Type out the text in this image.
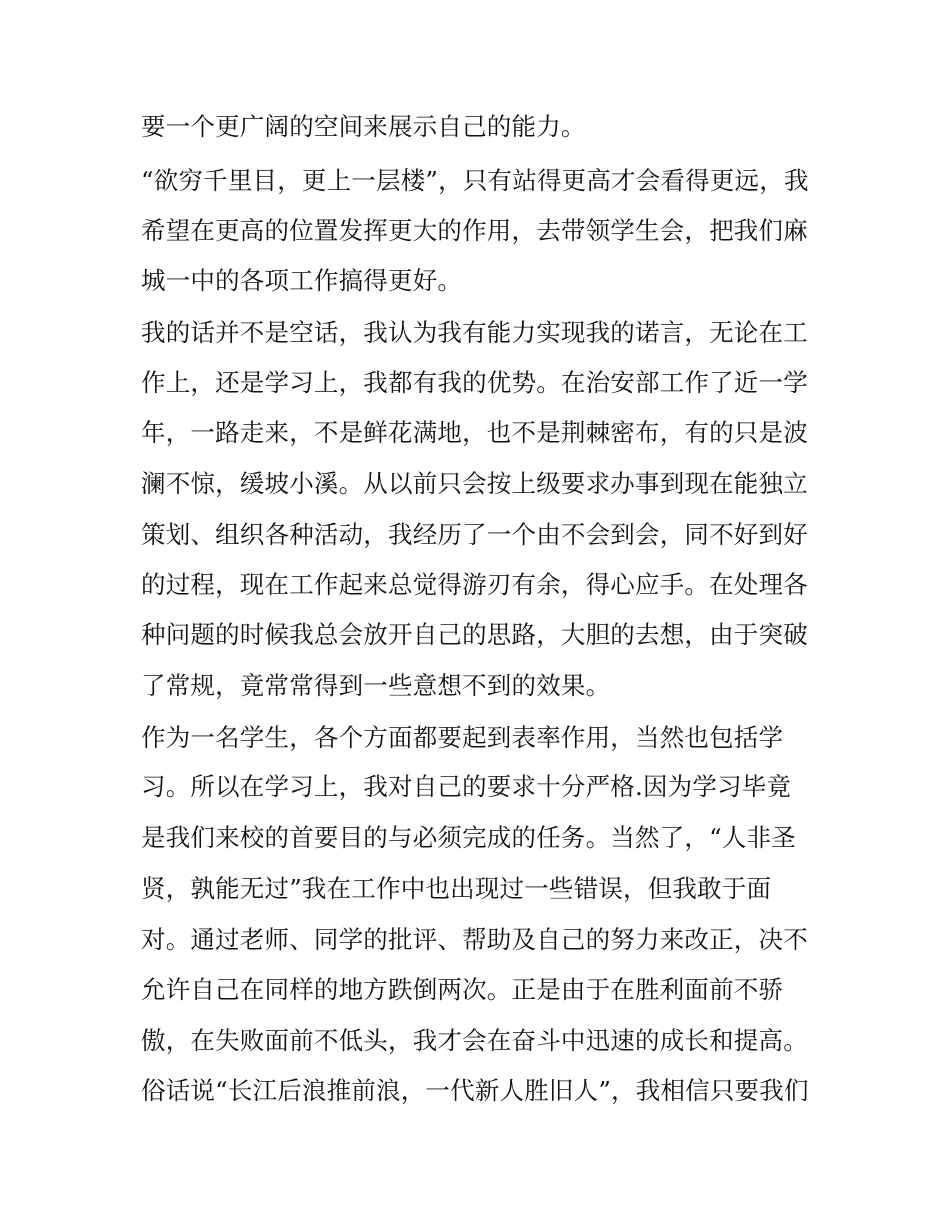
要一个更广阔的空间来展示自己的能力。
“欲穷千里目，更上一层楼”，只有站得更高才会看得更远，我
希望在更高的位置发挥更大的作用，去带领学生会，把我们麻
城一中的各项工作搞得更好。
我的话并不是空话，我认为我有能力实现我的诺言，无论在工
作上，还是学习上，我都有我的优势。在治安部工作了近一学
年，一路走来，不是鲜花满地，也不是荆棘密布，有的只是波
澜不惊，缓坡小溪。从以前只会按上级要求办事到现在能独立
策划、组织各种活动，我经历了一个由不会到会，同不好到好
的过程，现在工作起来总觉得游刃有余，得心应手。在处理各
种问题的时候我总会放开自己的思路，大胆的去想，由于突破
了常规，竟常常得到一些意想不到的效果。
作为一名学生，各个方面都要起到表率作用，当然也包括学
习。所以在学习上，我对自己的要求十分严格.因为学习毕竟
是我们来校的首要目的与必须完成的任务。当然了，“人非圣
贤，孰能无过”我在工作中也出现过一些错误，但我敢于面
对。通过老师、同学的批评、帮助及自己的努力来改正，决不
允许自己在同样的地方跌倒两次。正是由于在胜利面前不骄
傲，在失败面前不低头，我才会在奋斗中迅速的成长和提高。
俗话说“长江后浪推前浪，一代新人胜旧人”，我相信只要我们
